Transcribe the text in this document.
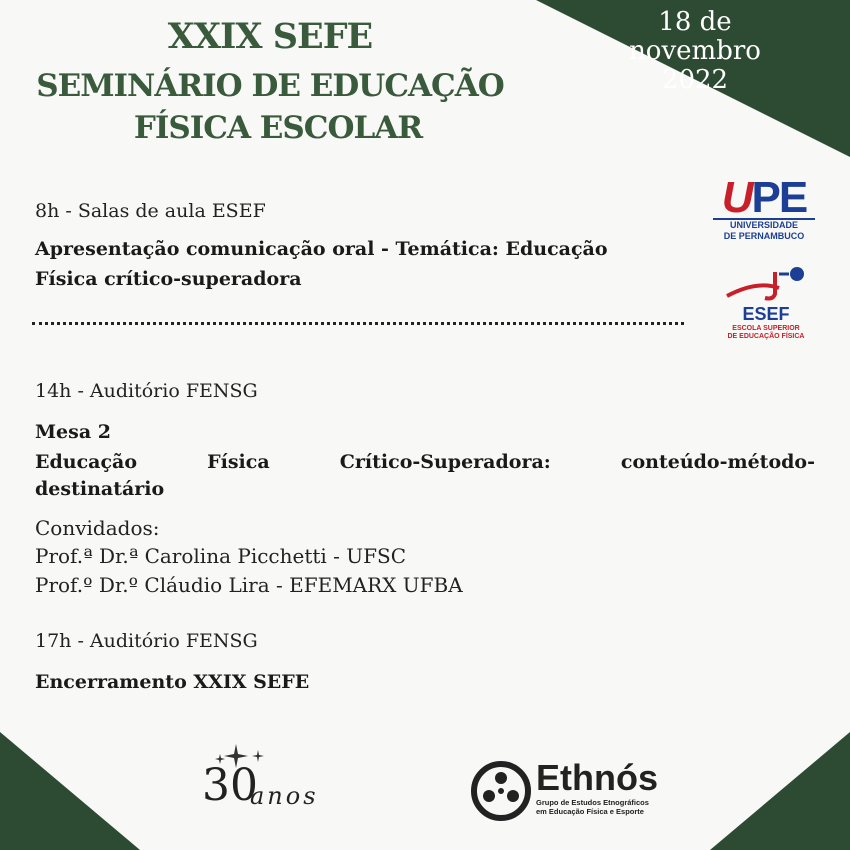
18 de
novembro
2022
XXIX SEFE
SEMINÁRIO DE EDUCAÇÃO
FÍSICA ESCOLAR
8h - Salas de aula ESEF
Apresentação comunicação oral - Temática: Educação
Física crítico-superadora
14h - Auditório FENSG
Mesa 2
Educação	Física	Crítico-Superadora:	conteúdo-método-
destinatário
Convidados:
Prof.ª Dr.ª Carolina Picchetti - UFSC
Prof.º Dr.º Cláudio Lira - EFEMARX UFBA
17h - Auditório FENSG
Encerramento XXIX SEFE
UPE
UNIVERSIDADE
DE PERNAMBUCO
ESEF
ESCOLA SUPERIOR
DE EDUCAÇÃO FÍSICA
30
anos	Ethnós
Grupo de Estudos Etnográficos
em Educação Física e Esporte
